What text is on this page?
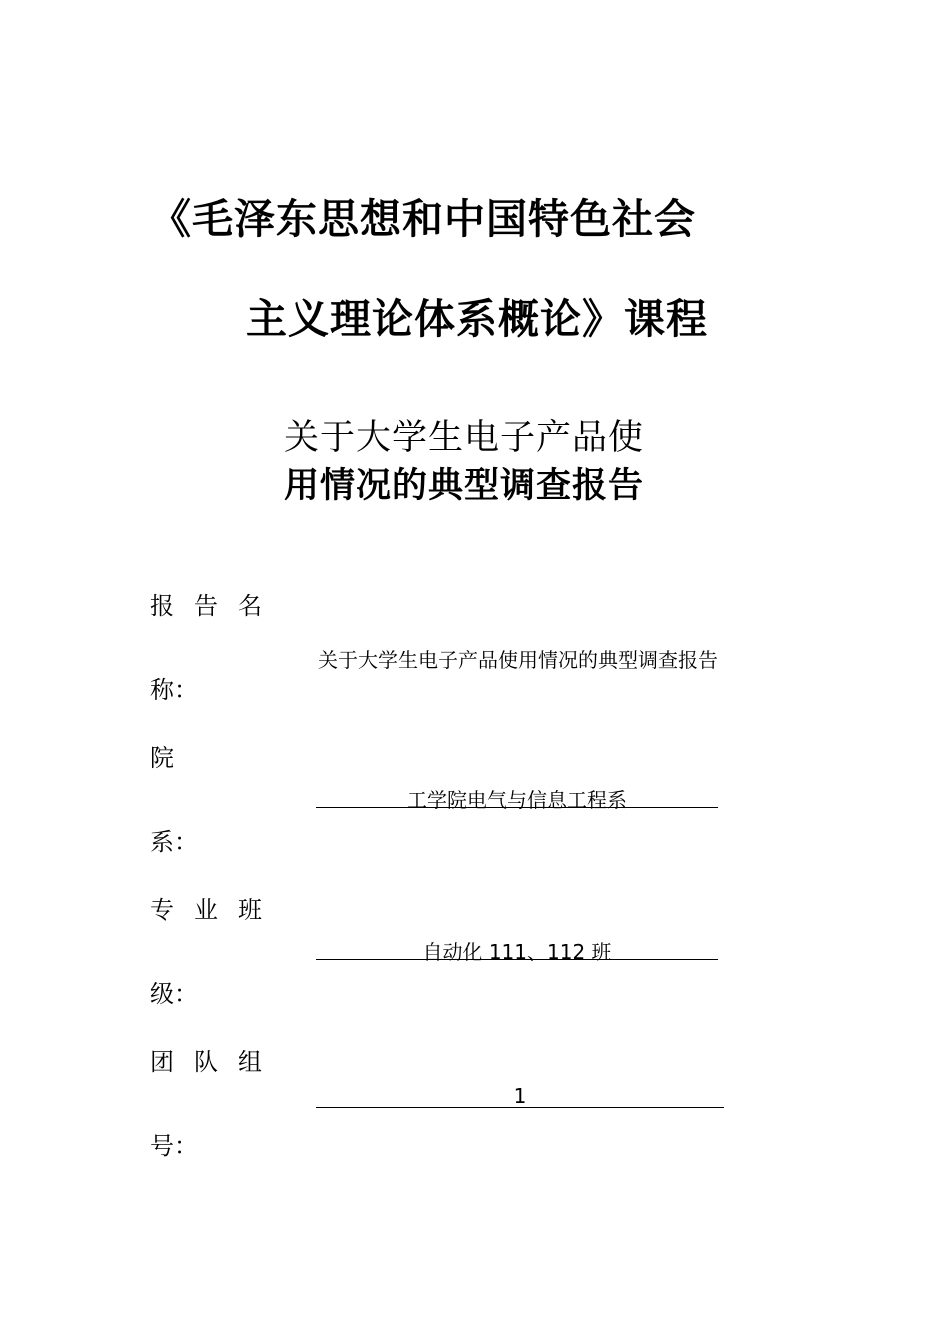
《毛泽东思想和中国特色社会
主义理论体系概论》课程
关于大学生电子产品使
用情况的典型调查报告
报告名
称：
关于大学生电子产品使用情况的典型调查报告
院
系：
工学院电气与信息工程系
专业班
级：
自动化 111、112 班
团队组
号：
1
